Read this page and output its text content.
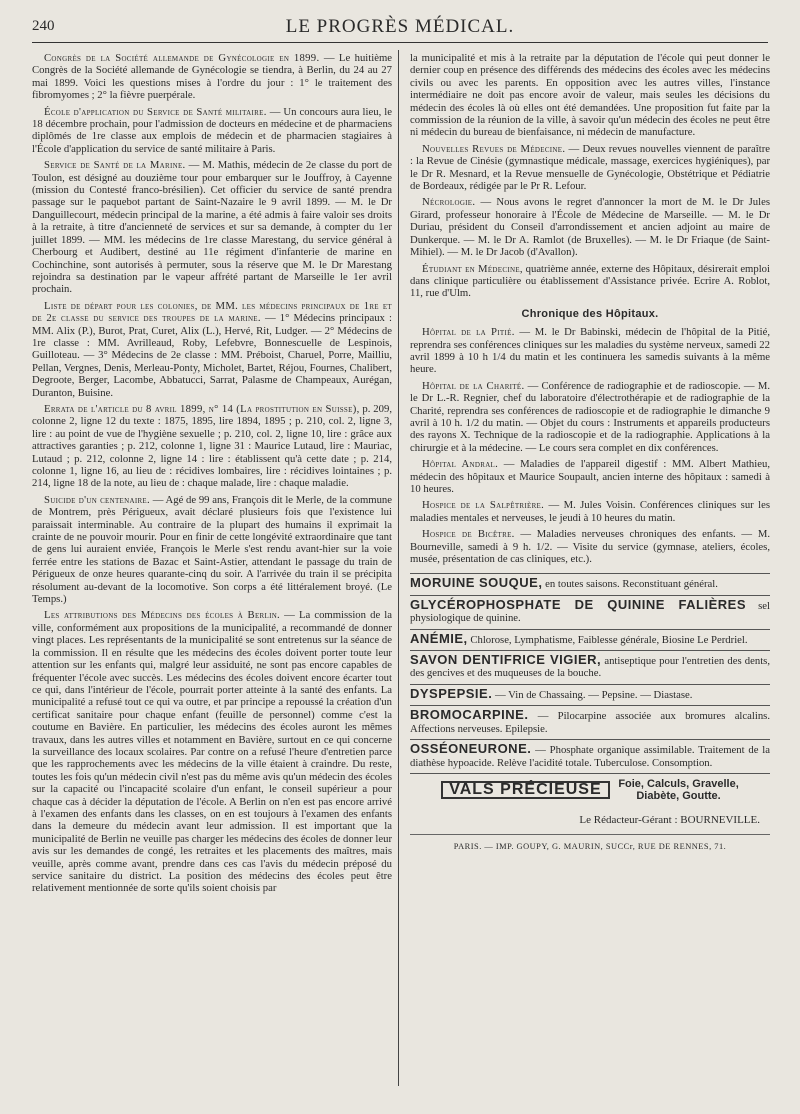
240	LE PROGRÈS MÉDICAL.

Congrès de la Société allemande de Gynécologie en 1899. — Le huitième Congrès de la Société allemande de Gynécologie se tiendra, à Berlin, du 24 au 27 mai 1899. Voici les questions mises à l'ordre du jour : 1° le traitement des fibromyomes ; 2° la fièvre puerpérale.

École d'application du Service de Santé militaire. — Un concours aura lieu, le 18 décembre prochain, pour l'admission de docteurs en médecine et de pharmaciens diplômés de 1re classe aux emplois de médecin et de pharmacien stagiaires à l'École d'application du service de santé militaire à Paris.

Service de Santé de la Marine. — M. Mathis, médecin de 2e classe du port de Toulon, est désigné au douzième tour pour embarquer sur le Jouffroy, à Cayenne (mission du Contesté franco-brésilien). Cet officier du service de santé prendra passage sur le paquebot partant de Saint-Nazaire le 9 avril 1899. — M. le Dr Danguillecourt, médecin principal de la marine, a été admis à faire valoir ses droits à la retraite, à titre d'ancienneté de services et sur sa demande, à compter du 1er juillet 1899. — MM. les médecins de 1re classe Marestang, du service général à Cherbourg et Audibert, destiné au 11e régiment d'infanterie de marine en Cochinchine, sont autorisés à permuter, sous la réserve que M. le Dr Marestang rejoindra sa destination par le vapeur affrété partant de Marseille le 1er avril prochain.

Liste de départ pour les colonies, de MM. les médecins principaux de 1re et de 2e classe du service des troupes de la marine. — 1° Médecins principaux : MM. Alix (P.), Burot, Prat, Curet, Alix (L.), Hervé, Rit, Ludger. — 2° Médecins de 1re classe : MM. Avrilleaud, Roby, Lefebvre, Bonnescuelle de Lespinois, Guilloteau. — 3° Médecins de 2e classe : MM. Préboist, Charuel, Porre, Mailliu, Pellan, Vergnes, Denis, Merleau-Ponty, Micholet, Bartet, Réjou, Fournes, Chalibert, Degroote, Berger, Lacombe, Abbatucci, Sarrat, Palasme de Champeaux, Aurégan, Duranton, Buisine.

Errata de l'article du 8 avril 1899, n° 14 (La prostitution en Suisse), p. 209, colonne 2, ligne 12 du texte : 1875, 1895, lire 1894, 1895 ; p. 210, col. 2, ligne 3, lire : au point de vue de l'hygiène sexuelle ; p. 210, col. 2, ligne 10, lire : grâce aux attractives garanties ; p. 212, colonne 1, ligne 31 : Maurice Lutaud, lire : Mauriac, Lutaud ; p. 212, colonne 2, ligne 14 : lire : établissent qu'à cette date ; p. 214, colonne 1, ligne 16, au lieu de : récidives lombaires, lire : récidives lointaines ; p. 214, ligne 18 de la note, au lieu de : chaque malade, lire : chaque maladie.

Suicide d'un centenaire. — Agé de 99 ans, François dit le Merle, de la commune de Montrem, près Périgueux, avait déclaré plusieurs fois que l'existence lui paraissait interminable. Au contraire de la plupart des humains il exprimait la crainte de ne pouvoir mourir. Pour en finir de cette longévité extraordinaire que tant de gens lui auraient enviée, François le Merle s'est rendu avant-hier sur la voie ferrée entre les stations de Bazac et Saint-Astier, attendant le passage du train de Périgueux de onze heures quarante-cinq du soir. A l'arrivée du train il se précipita résolument au-devant de la locomotive. Son corps a été littéralement broyé. (Le Temps.)

Les attributions des Médecins des écoles à Berlin. — La commission de la ville, conformément aux propositions de la municipalité, a recommandé de donner vingt places. Les représentants de la municipalité se sont entretenus sur la séance de la commission. Il en résulte que les médecins des écoles doivent porter toute leur attention sur les enfants qui, malgré leur assiduité, ne sont pas encore capables de fréquenter l'école avec succès. Les médecins des écoles doivent encore écarter tout ce qui, dans l'intérieur de l'école, pourrait porter atteinte à la santé des enfants. La municipalité a refusé tout ce qui va outre, et par principe a repoussé la création d'un certificat sanitaire pour chaque enfant (feuille de personnel) comme c'est la coutume en Bavière. En particulier, les médecins des écoles auront les mêmes travaux, dans les autres villes et notamment en Bavière, surtout en ce qui concerne la surveillance des locaux scolaires. Par contre on a refusé l'heure d'entretien parce que les rapprochements avec les médecins de la ville étaient à craindre. Du reste, toutes les fois qu'un médecin civil n'est pas du même avis qu'un médecin des écoles sur la capacité ou l'incapacité scolaire d'un enfant, le conseil supérieur a pour chaque cas à décider la députation de l'école. A Berlin on n'en est pas encore arrivé à l'examen des enfants dans les classes, on en est toujours à l'examen des enfants dans la demeure du médecin avant leur admission. Il est important que la municipalité de Berlin ne veuille pas charger les médecins des écoles de donner leur avis sur les demandes de congé, les retraites et les placements des maîtres, mais veuille, après comme avant, prendre dans ces cas l'avis du médecin préposé du service sanitaire du district. La position des médecins des écoles peut être relativement mentionnée de sorte qu'ils soient choisis par

la municipalité et mis à la retraite par la députation de l'école qui peut donner le dernier coup en présence des différends des médecins des écoles avec les médecins civils ou avec les parents. En opposition avec les autres villes, l'instance intermédiaire ne doit pas encore avoir de valeur, mais seules les décisions du médecin des écoles là où elles ont été demandées. Une proposition fut faite par la commission de la réunion de la ville, à savoir qu'un médecin des écoles ne peut être ni médecin du bureau de bienfaisance, ni médecin de manufacture.

Nouvelles Revues de Médecine. — Deux revues nouvelles viennent de paraître : la Revue de Cinésie (gymnastique médicale, massage, exercices hygiéniques), par le Dr R. Mesnard, et la Revue mensuelle de Gynécologie, Obstétrique et Pédiatrie de Bordeaux, rédigée par le Pr R. Lefour.

Nécrologie. — Nous avons le regret d'annoncer la mort de M. le Dr Jules Girard, professeur honoraire à l'École de Médecine de Marseille. — M. le Dr Duriau, président du Conseil d'arrondissement et ancien adjoint au maire de Dunkerque. — M. le Dr A. Ramlot (de Bruxelles). — M. le Dr Friaque (de Saint-Mihiel). — M. le Dr Jacob (d'Avallon).

Étudiant en Médecine, quatrième année, externe des Hôpitaux, désirerait emploi dans clinique particulière ou établissement d'Assistance privée. Ecrire A. Roblot, 11, rue d'Ulm.

Chronique des Hôpitaux.

Hôpital de la Pitié. — M. le Dr Babinski, médecin de l'hôpital de la Pitié, reprendra ses conférences cliniques sur les maladies du système nerveux, samedi 22 avril 1899 à 10 h 1/4 du matin et les continuera les samedis suivants à la même heure.

Hôpital de la Charité. — Conférence de radiographie et de radioscopie. — M. le Dr L.-R. Regnier, chef du laboratoire d'électrothérapie et de radiographie de la Charité, reprendra ses conférences de radioscopie et de radiographie le dimanche 9 avril à 10 h. 1/2 du matin. — Objet du cours : Instruments et appareils producteurs des rayons X. Technique de la radioscopie et de la radiographie. Applications à la chirurgie et à la médecine. — Le cours sera complet en dix conférences.

Hôpital Andral. — Maladies de l'appareil digestif : MM. Albert Mathieu, médecin des hôpitaux et Maurice Soupault, ancien interne des hôpitaux : samedi à 10 heures.

Hospice de la Salpêtrière. — M. Jules Voisin. Conférences cliniques sur les maladies mentales et nerveuses, le jeudi à 10 heures du matin.

Hospice de Bicêtre. — Maladies nerveuses chroniques des enfants. — M. Bourneville, samedi à 9 h. 1/2. — Visite du service (gymnase, ateliers, écoles, musée, présentation de cas cliniques, etc.).

MORUINE SOUQUE, en toutes saisons. Reconstituant général.
GLYCÉROPHOSPHATE DE QUININE FALIÈRES sel physiologique de quinine.
ANÉMIE, Chlorose, Lymphatisme, Faiblesse générale, Biosine Le Perdriel.
SAVON DENTIFRICE VIGIER, antiseptique pour l'entretien des dents, des gencives et des muqueuses de la bouche.
DYSPEPSIE. — Vin de Chassaing. — Pepsine. — Diastase.
BROMOCARPINE. — Pilocarpine associée aux bromures alcalins. Affections nerveuses. Epilepsie.
OSSÉONEURONE. — Phosphate organique assimilable. Traitement de la diathèse hypoacide. Relève l'acidité totale. Tuberculose. Consomption.
VALS PRÉCIEUSE Foie, Calculs, Gravelle,
Diabète, Goutte.
Le Rédacteur-Gérant : BOURNEVILLE.
PARIS. — IMP. GOUPY, G. MAURIN, SUCCr, RUE DE RENNES, 71.
